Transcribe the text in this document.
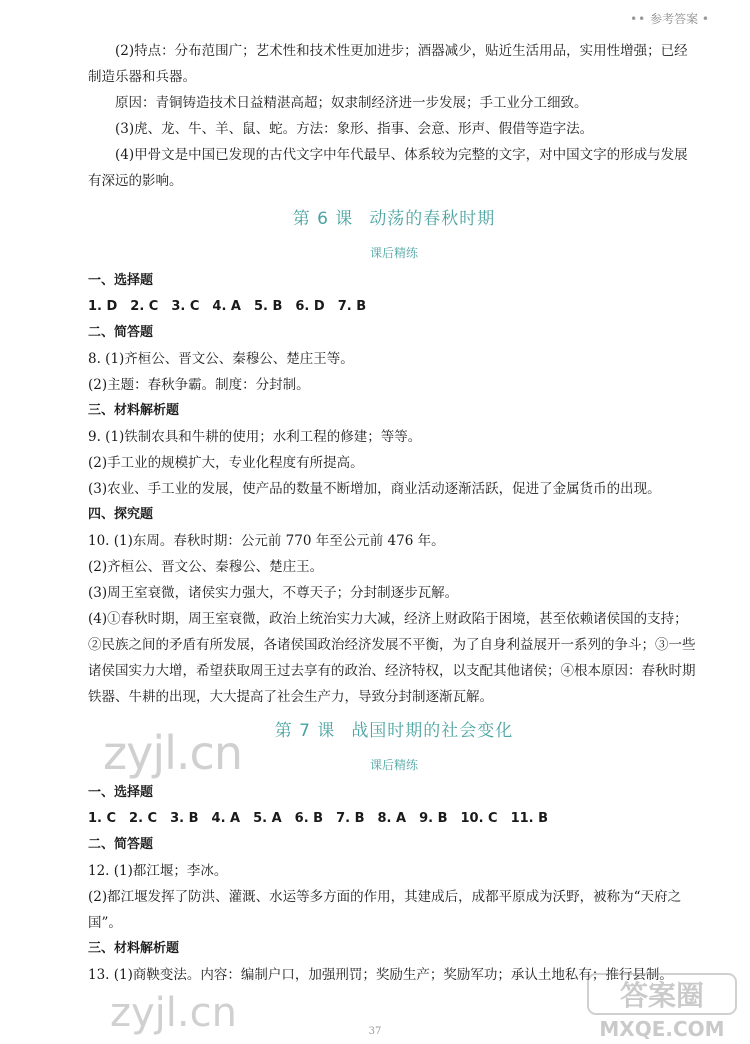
•• 参考答案 •

(2)特点：分布范围广；艺术性和技术性更加进步；酒器减少，贴近生活用品，实用性增强；已经制造乐器和兵器。

原因：青铜铸造技术日益精湛高超；奴隶制经济进一步发展；手工业分工细致。

(3)虎、龙、牛、羊、鼠、蛇。方法：象形、指事、会意、形声、假借等造字法。

(4)甲骨文是中国已发现的古代文字中年代最早、体系较为完整的文字，对中国文字的形成与发展有深远的影响。

第 6 课 动荡的春秋时期

课后精练

一、选择题

1. D　2. C　3. C　4. A　5. B　6. D　7. B

二、简答题

8. (1)齐桓公、晋文公、秦穆公、楚庄王等。

(2)主题：春秋争霸。制度：分封制。

三、材料解析题

9. (1)铁制农具和牛耕的使用；水利工程的修建；等等。

(2)手工业的规模扩大，专业化程度有所提高。

(3)农业、手工业的发展，使产品的数量不断增加，商业活动逐渐活跃，促进了金属货币的出现。

四、探究题

10. (1)东周。春秋时期：公元前 770 年至公元前 476 年。

(2)齐桓公、晋文公、秦穆公、楚庄王。

(3)周王室衰微，诸侯实力强大，不尊天子；分封制逐步瓦解。

(4)①春秋时期，周王室衰微，政治上统治实力大减，经济上财政陷于困境，甚至依赖诸侯国的支持；②民族之间的矛盾有所发展，各诸侯国政治经济发展不平衡，为了自身利益展开一系列的争斗；③一些诸侯国实力大增，希望获取周王过去享有的政治、经济特权，以支配其他诸侯；④根本原因：春秋时期铁器、牛耕的出现，大大提高了社会生产力，导致分封制逐渐瓦解。

第 7 课 战国时期的社会变化

课后精练

一、选择题

1. C　2. C　3. B　4. A　5. A　6. B　7. B　8. A　9. B　10. C　11. B

二、简答题

12. (1)都江堰；李冰。

(2)都江堰发挥了防洪、灌溉、水运等多方面的作用，其建成后，成都平原成为沃野，被称为“天府之国”。

三、材料解析题

13. (1)商鞅变法。内容：编制户口，加强刑罚；奖励生产；奖励军功；承认土地私有；推行县制。

37
zyjl.cn
zyjl.cn	答案圈
MXQE.COM
